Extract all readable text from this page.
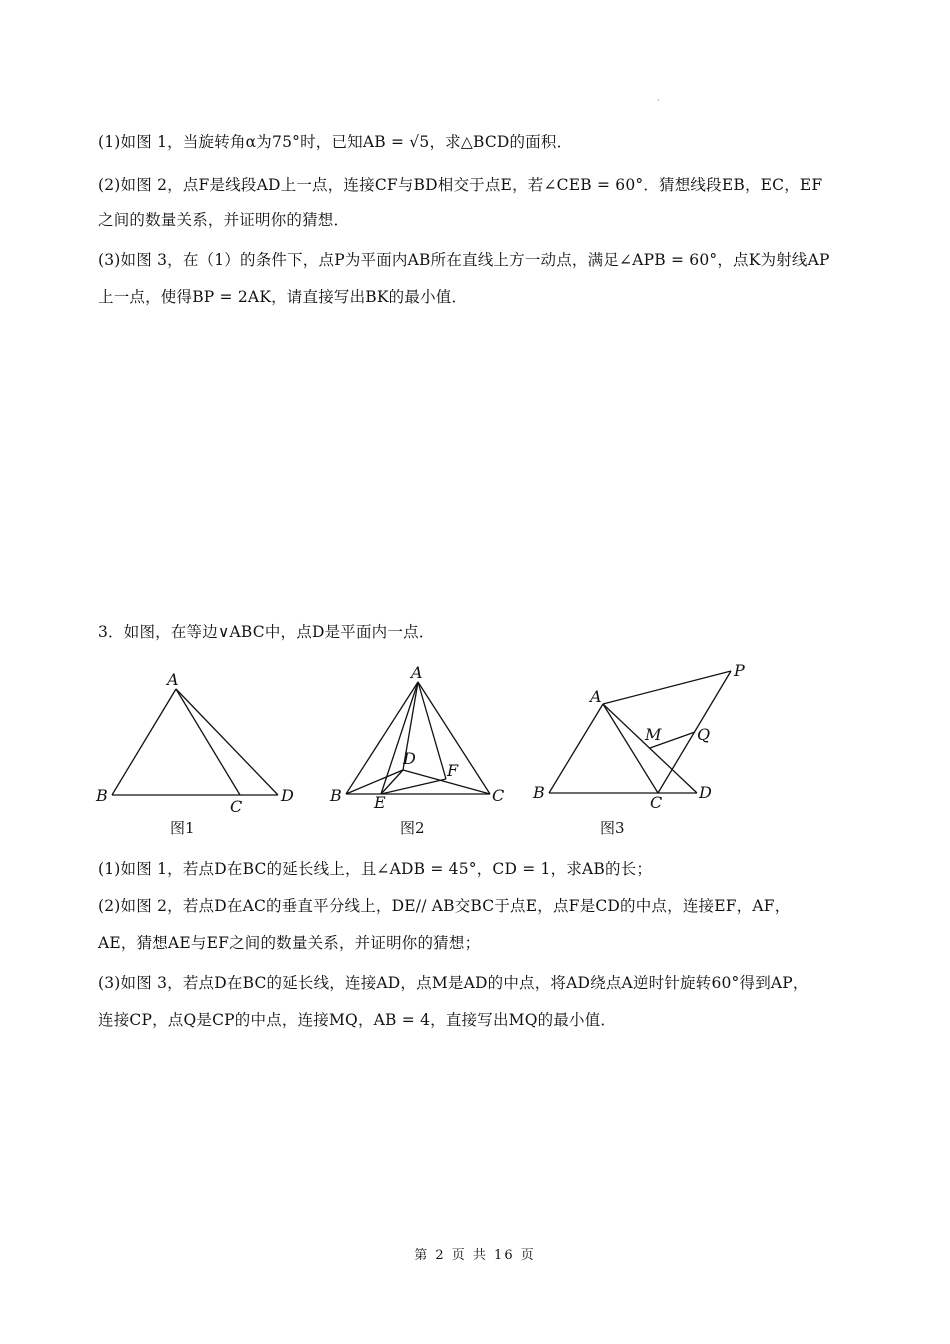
·
(1)如图 1，当旋转角α为75°时，已知AB = √5，求△BCD的面积．
(2)如图 2，点F是线段AD上一点，连接CF与BD相交于点E，若∠CEB = 60°．猜想线段EB，EC，EF
之间的数量关系，并证明你的猜想．
(3)如图 3，在（1）的条件下，点P为平面内AB所在直线上方一动点，满足∠APB = 60°，点K为射线AP
上一点，使得BP = 2AK，请直接写出BK的最小值．
3．如图，在等边∨ABC中，点D是平面内一点．
A
B
C
D
A
B	C
D
E
F
A
B
C
D
M Q
P
图1	图2	图3
(1)如图 1，若点D在BC的延长线上，且∠ADB = 45°，CD = 1，求AB的长；
(2)如图 2，若点D在AC的垂直平分线上，DE// AB交BC于点E，点F是CD的中点，连接EF，AF，
AE，猜想AE与EF之间的数量关系，并证明你的猜想；
(3)如图 3，若点D在BC的延长线，连接AD，点M是AD的中点，将AD绕点A逆时针旋转60°得到AP，
连接CP，点Q是CP的中点，连接MQ，AB = 4，直接写出MQ的最小值．
第 2 页 共 16 页
